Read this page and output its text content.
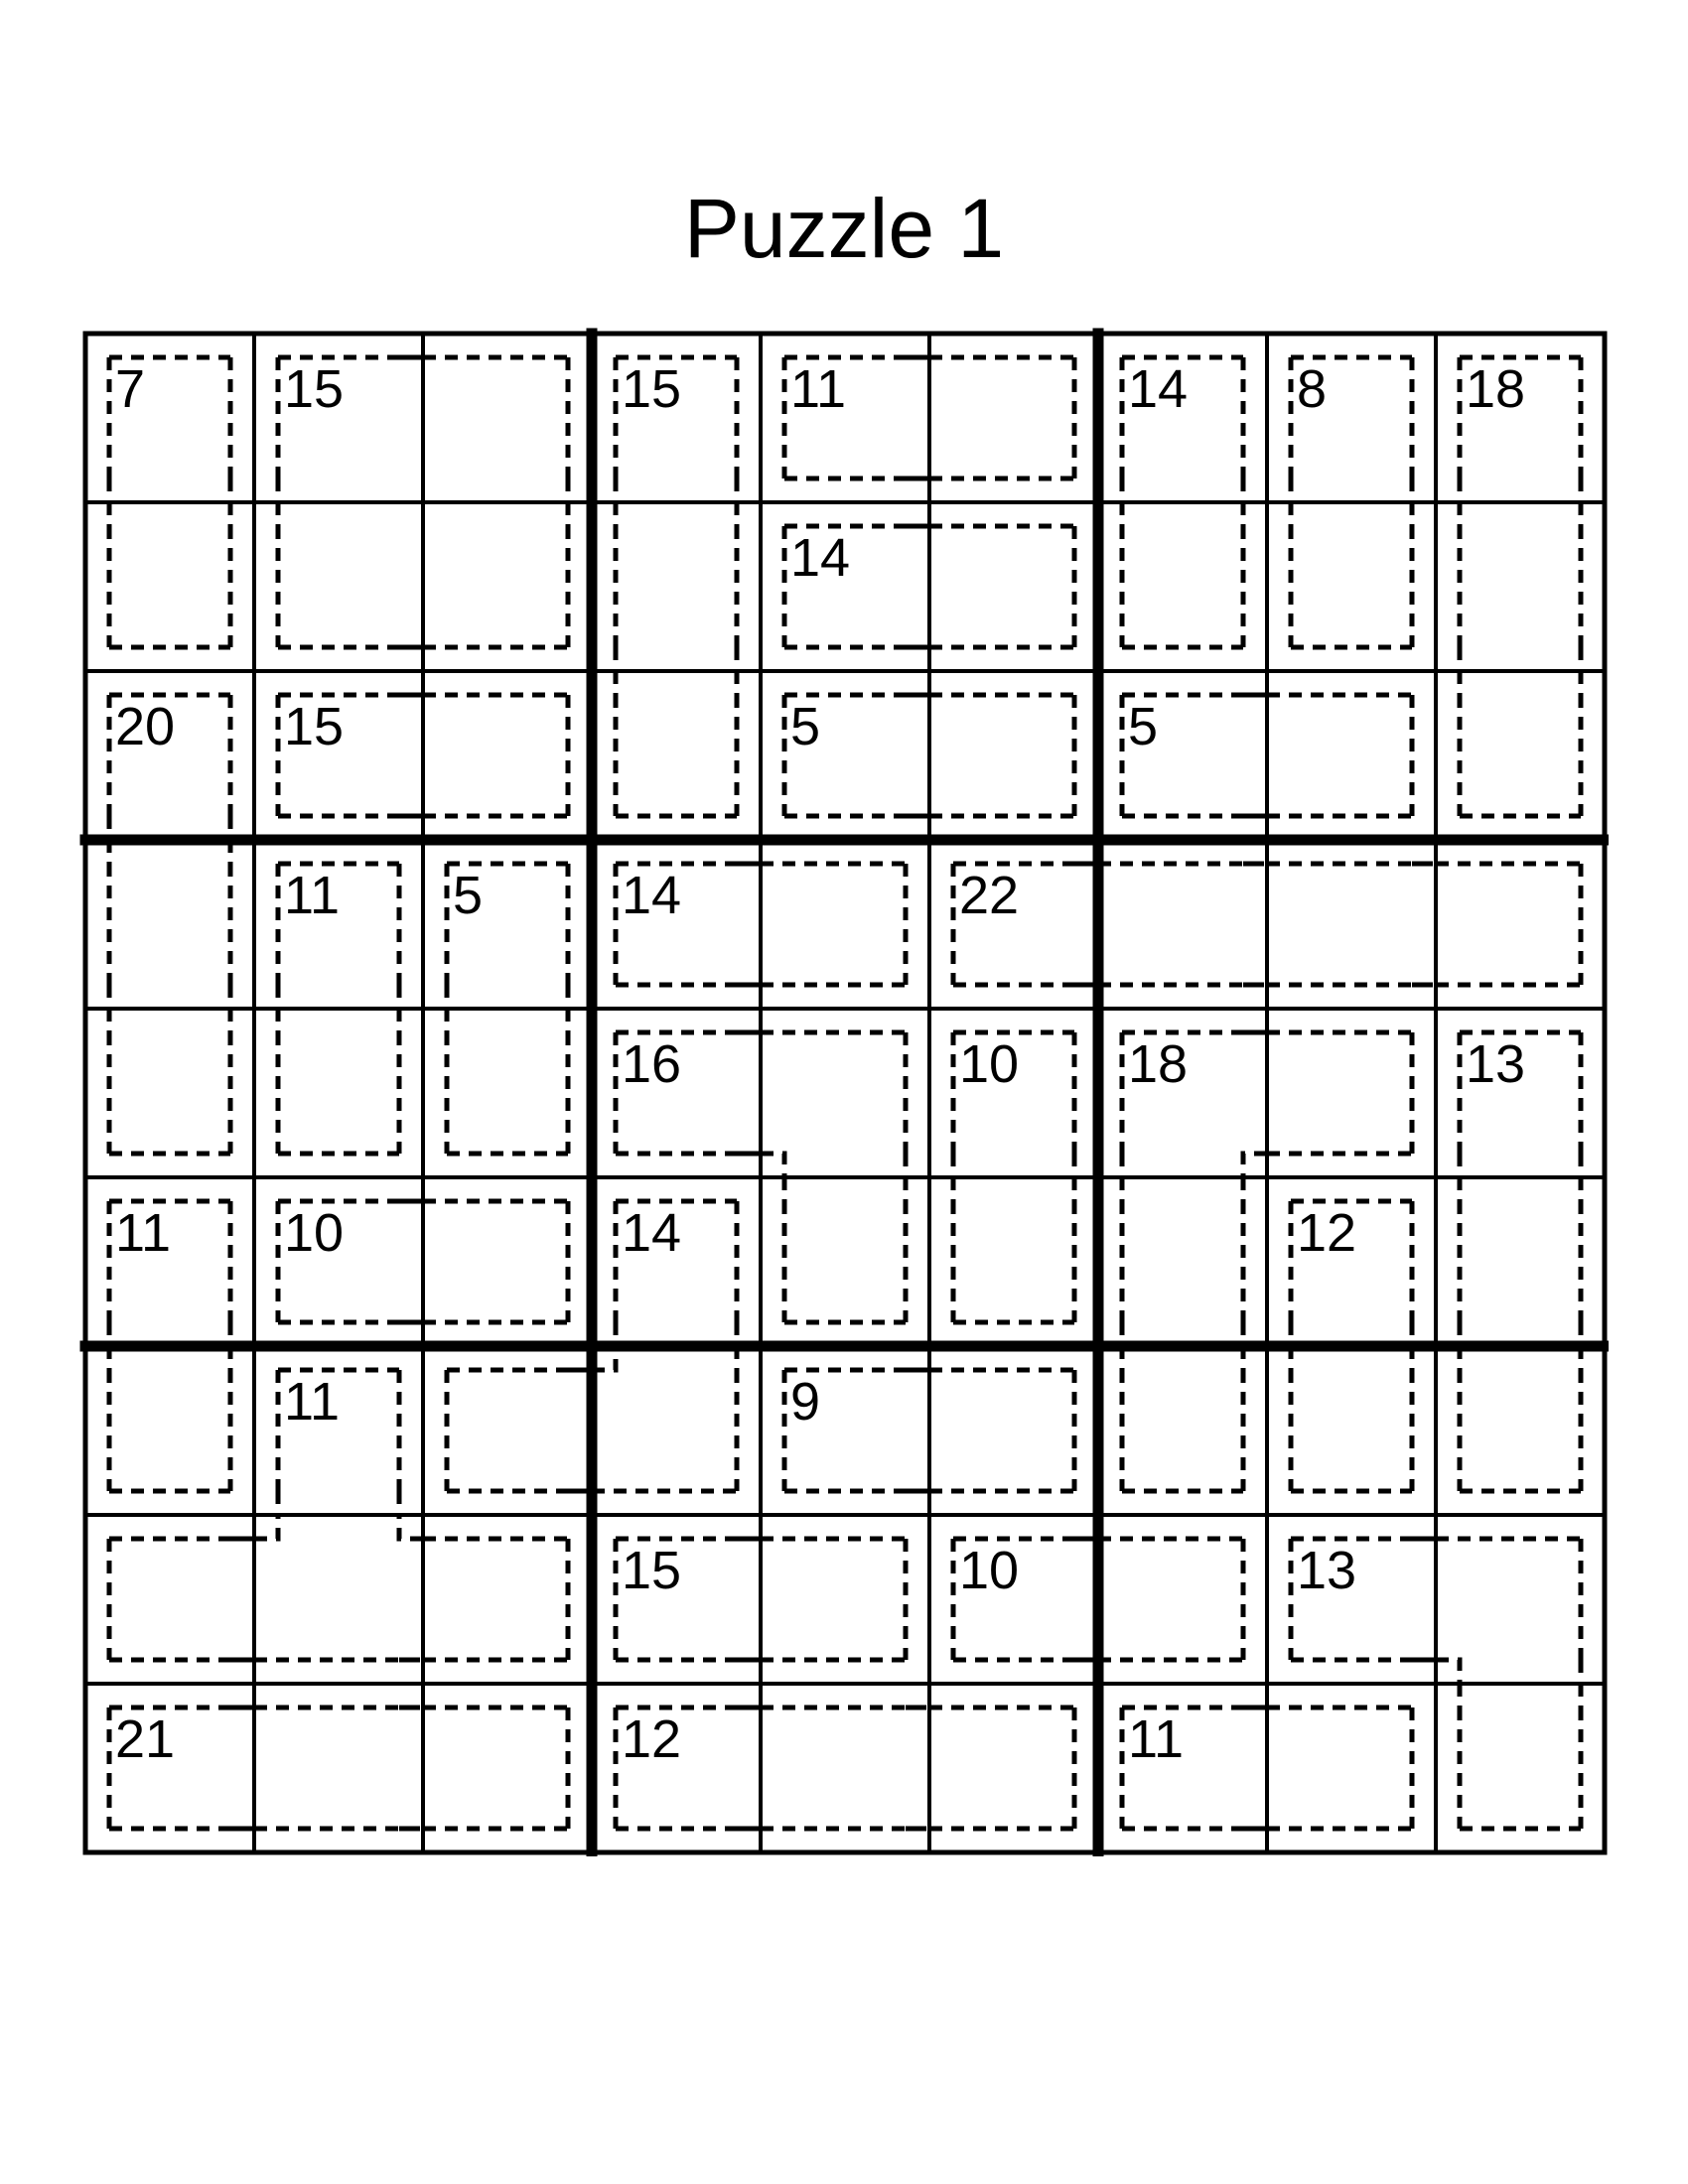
Puzzle 1
7	15	15 11	14 8	18
14
20 15	5	5
11 5	14	22
16	10 18	13
11 10	14	12
11	9
15	10	13
21	12	11
